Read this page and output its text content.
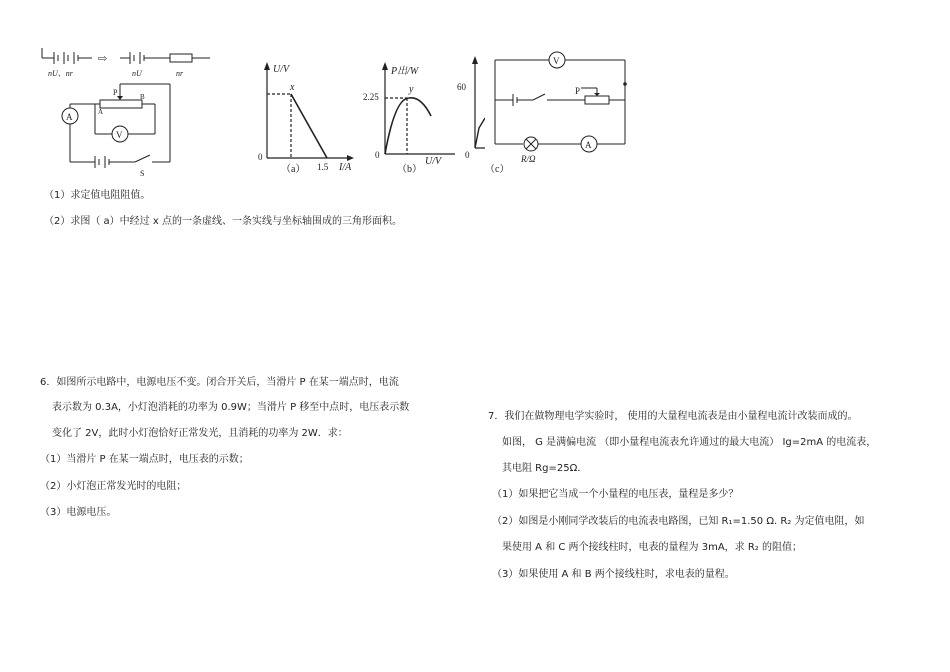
nU、nr
⇨
nU	nr
A
V
P
A
B
S
U/V
I/A
x
0
1.5
（a）
P出/W
2.25
y
0
U/V
（b）
60
0
（c）
V
P
A
R/Ω
（1）求定值电阻阻值。
（2）求图（ a）中经过 x 点的一条虚线、一条实线与坐标轴围成的三角形面积。
6．如图所示电路中，电源电压不变。闭合开关后，当滑片 P 在某一端点时，电流
表示数为 0.3A，小灯泡消耗的功率为 0.9W；当滑片 P 移至中点时，电压表示数
变化了 2V，此时小灯泡恰好正常发光，且消耗的功率为 2W．求：
（1）当滑片 P 在某一端点时，电压表的示数；
（2）小灯泡正常发光时的电阻；
（3）电源电压。
7．我们在做物理电学实验时， 使用的大量程电流表是由小量程电流计改装而成的。
如图， G 是满偏电流 （即小量程电流表允许通过的最大电流） Ig=2mA 的电流表，
其电阻 Rg=25Ω.
（1）如果把它当成一个小量程的电压表，量程是多少？
（2）如图是小刚同学改装后的电流表电路图，已知 R₁=1.50 Ω. R₂ 为定值电阻，如
果使用 A 和 C 两个接线柱时，电表的量程为 3mA，求 R₂ 的阻值；
（3）如果使用 A 和 B 两个接线柱时，求电表的量程。
